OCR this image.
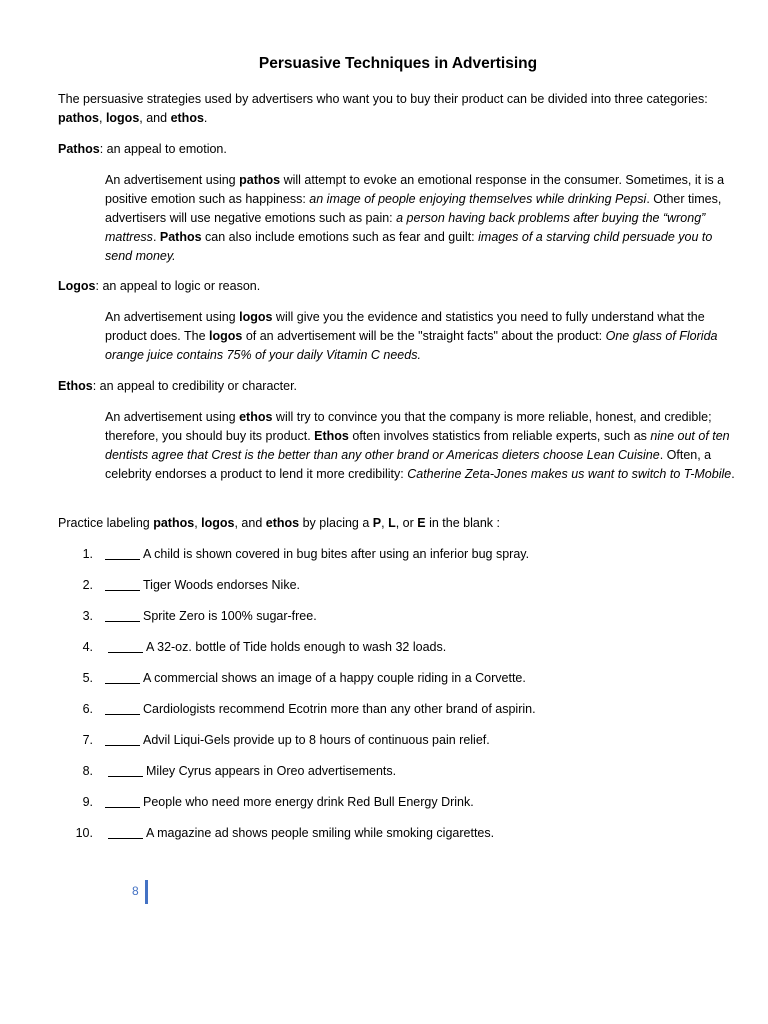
Persuasive Techniques in Advertising

The persuasive strategies used by advertisers who want you to buy their product can be divided into three categories: pathos, logos, and ethos.

Pathos: an appeal to emotion.

An advertisement using pathos will attempt to evoke an emotional response in the consumer. Sometimes, it is a positive emotion such as happiness: an image of people enjoying themselves while drinking Pepsi. Other times, advertisers will use negative emotions such as pain: a person having back problems after buying the “wrong” mattress. Pathos can also include emotions such as fear and guilt: images of a starving child persuade you to send money.

Logos: an appeal to logic or reason.

An advertisement using logos will give you the evidence and statistics you need to fully understand what the product does. The logos of an advertisement will be the "straight facts" about the product: One glass of Florida orange juice contains 75% of your daily Vitamin C needs.

Ethos: an appeal to credibility or character.

An advertisement using ethos will try to convince you that the company is more reliable, honest, and credible; therefore, you should buy its product. Ethos often involves statistics from reliable experts, such as nine out of ten dentists agree that Crest is the better than any other brand or Americas dieters choose Lean Cuisine. Often, a celebrity endorses a product to lend it more credibility: Catherine Zeta-Jones makes us want to switch to T-Mobile.

Practice labeling pathos, logos, and ethos by placing a P, L, or E in the blank :

1.	A child is shown covered in bug bites after using an inferior bug spray.
2.	Tiger Woods endorses Nike.
3.	Sprite Zero is 100% sugar-free.
4.	A 32-oz. bottle of Tide holds enough to wash 32 loads.
5.	A commercial shows an image of a happy couple riding in a Corvette.
6.	Cardiologists recommend Ecotrin more than any other brand of aspirin.
7.	Advil Liqui-Gels provide up to 8 hours of continuous pain relief.
8.	Miley Cyrus appears in Oreo advertisements.
9.	People who need more energy drink Red Bull Energy Drink.
10.	A magazine ad shows people smiling while smoking cigarettes.
8
